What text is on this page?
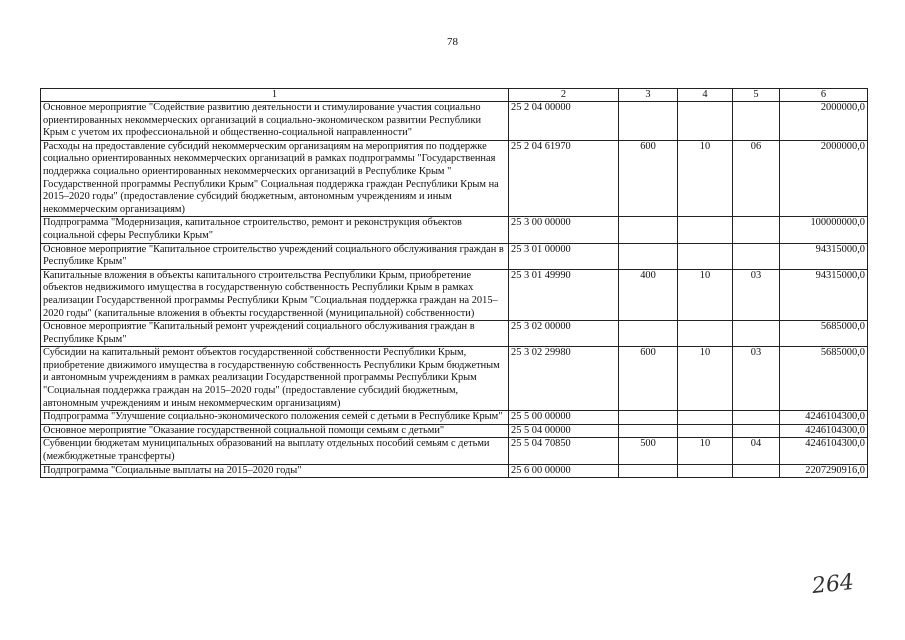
78
1	2	3	4	5	6
Основное мероприятие "Содействие развитию деятельности и стимулирование участия социально ориентированных некоммерческих организаций в социально-экономическом развитии Республики Крым с учетом их профессиональной и общественно-социальной направленности"	25 2 04 00000				2000000,0
Расходы на предоставление субсидий некоммерческим организациям на мероприятия по поддержке социально ориентированных некоммерческих организаций в рамках подпрограммы "Государственная поддержка социально ориентированных некоммерческих организаций в Республике Крым " Государственной программы Республики Крым" Социальная поддержка граждан Республики Крым на 2015–2020 годы" (предоставление субсидий бюджетным, автономным учреждениям и иным некоммерческим организациям)	25 2 04 61970	600	10	06	2000000,0
Подпрограмма "Модернизация, капитальное строительство, ремонт и реконструкция объектов социальной сферы Республики Крым"	25 3 00 00000				100000000,0
Основное мероприятие "Капитальное строительство учреждений социального обслуживания граждан в Республике Крым"	25 3 01 00000				94315000,0
Капитальные вложения в объекты капитального строительства Республики Крым, приобретение объектов недвижимого имущества в государственную собственность Республики Крым в рамках реализации Государственной программы Республики Крым "Социальная поддержка граждан на 2015–2020 годы" (капитальные вложения в объекты государственной (муниципальной) собственности)	25 3 01 49990	400	10	03	94315000,0
Основное мероприятие "Капитальный ремонт учреждений социального обслуживания граждан в Республике Крым"	25 3 02 00000				5685000,0
Субсидии на капитальный ремонт объектов государственной собственности Республики Крым, приобретение движимого имущества в государственную собственность Республики Крым бюджетным и автономным учреждениям в рамках реализации Государственной программы Республики Крым "Социальная поддержка граждан на 2015–2020 годы" (предоставление субсидий бюджетным, автономным учреждениям и иным некоммерческим организациям)	25 3 02 29980	600	10	03	5685000,0
Подпрограмма "Улучшение социально-экономического положения семей с детьми в Республике Крым"	25 5 00 00000				4246104300,0
Основное мероприятие "Оказание государственной социальной помощи семьям с детьми"	25 5 04 00000				4246104300,0
Субвенции бюджетам муниципальных образований на выплату отдельных пособий семьям с детьми (межбюджетные трансферты)	25 5 04 70850	500	10	04	4246104300,0
Подпрограмма "Социальные выплаты на 2015–2020 годы"	25 6 00 00000				2207290916,0
264
